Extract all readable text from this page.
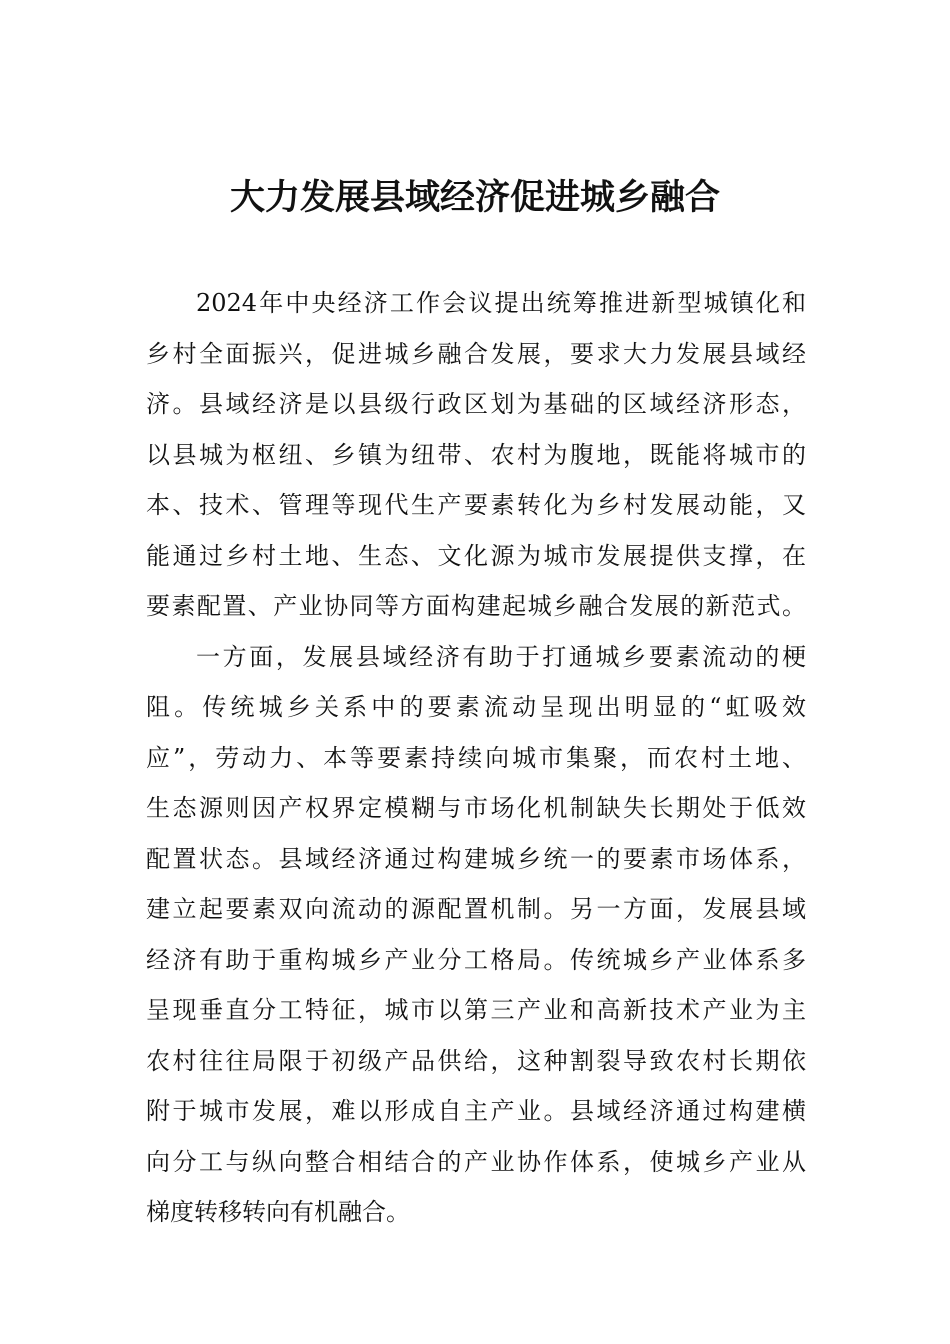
大力发展县域经济促进城乡融合
2024年中央经济工作会议提出统筹推进新型城镇化和
乡村全面振兴，促进城乡融合发展，要求大力发展县域经
济。县域经济是以县级行政区划为基础的区域经济形态，
以县城为枢纽、乡镇为纽带、农村为腹地，既能将城市的
本、技术、管理等现代生产要素转化为乡村发展动能，又
能通过乡村土地、生态、文化源为城市发展提供支撑，在
要素配置、产业协同等方面构建起城乡融合发展的新范式。
一方面，发展县域经济有助于打通城乡要素流动的梗
阻。传统城乡关系中的要素流动呈现出明显的“虹吸效
应”，劳动力、本等要素持续向城市集聚，而农村土地、
生态源则因产权界定模糊与市场化机制缺失长期处于低效
配置状态。县域经济通过构建城乡统一的要素市场体系，
建立起要素双向流动的源配置机制。另一方面，发展县域
经济有助于重构城乡产业分工格局。传统城乡产业体系多
呈现垂直分工特征，城市以第三产业和高新技术产业为主
农村往往局限于初级产品供给，这种割裂导致农村长期依
附于城市发展，难以形成自主产业。县域经济通过构建横
向分工与纵向整合相结合的产业协作体系，使城乡产业从
梯度转移转向有机融合。
